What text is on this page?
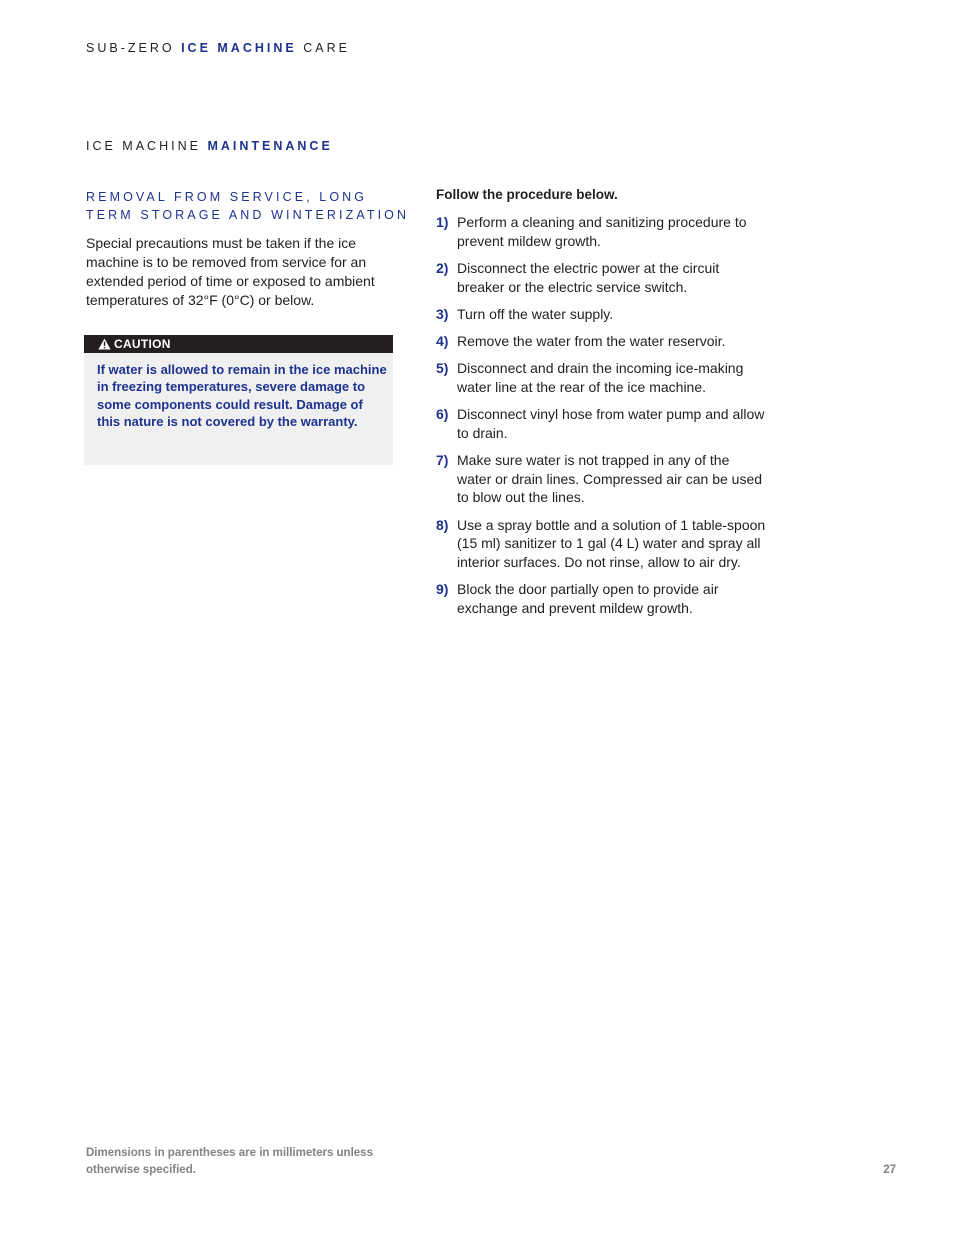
SUB-ZERO ICE MACHINE CARE
ICE MACHINE MAINTENANCE
REMOVAL FROM SERVICE, LONG TERM STORAGE AND WINTERIZATION
Special precautions must be taken if the ice machine is to be removed from service for an extended period of time or exposed to ambient temperatures of 32°F (0°C) or below.
CAUTION
If water is allowed to remain in the ice machine in freezing temperatures, severe damage to some components could result. Damage of this nature is not covered by the warranty.
Follow the procedure below.
1) Perform a cleaning and sanitizing procedure to prevent mildew growth.
2) Disconnect the electric power at the circuit breaker or the electric service switch.
3) Turn off the water supply.
4) Remove the water from the water reservoir.
5) Disconnect and drain the incoming ice-making water line at the rear of the ice machine.
6) Disconnect vinyl hose from water pump and allow to drain.
7) Make sure water is not trapped in any of the water or drain lines. Compressed air can be used to blow out the lines.
8) Use a spray bottle and a solution of 1 table-spoon (15 ml) sanitizer to 1 gal (4 L) water and spray all interior surfaces. Do not rinse, allow to air dry.
9) Block the door partially open to provide air exchange and prevent mildew growth.
Dimensions in parentheses are in millimeters unless otherwise specified.	27
